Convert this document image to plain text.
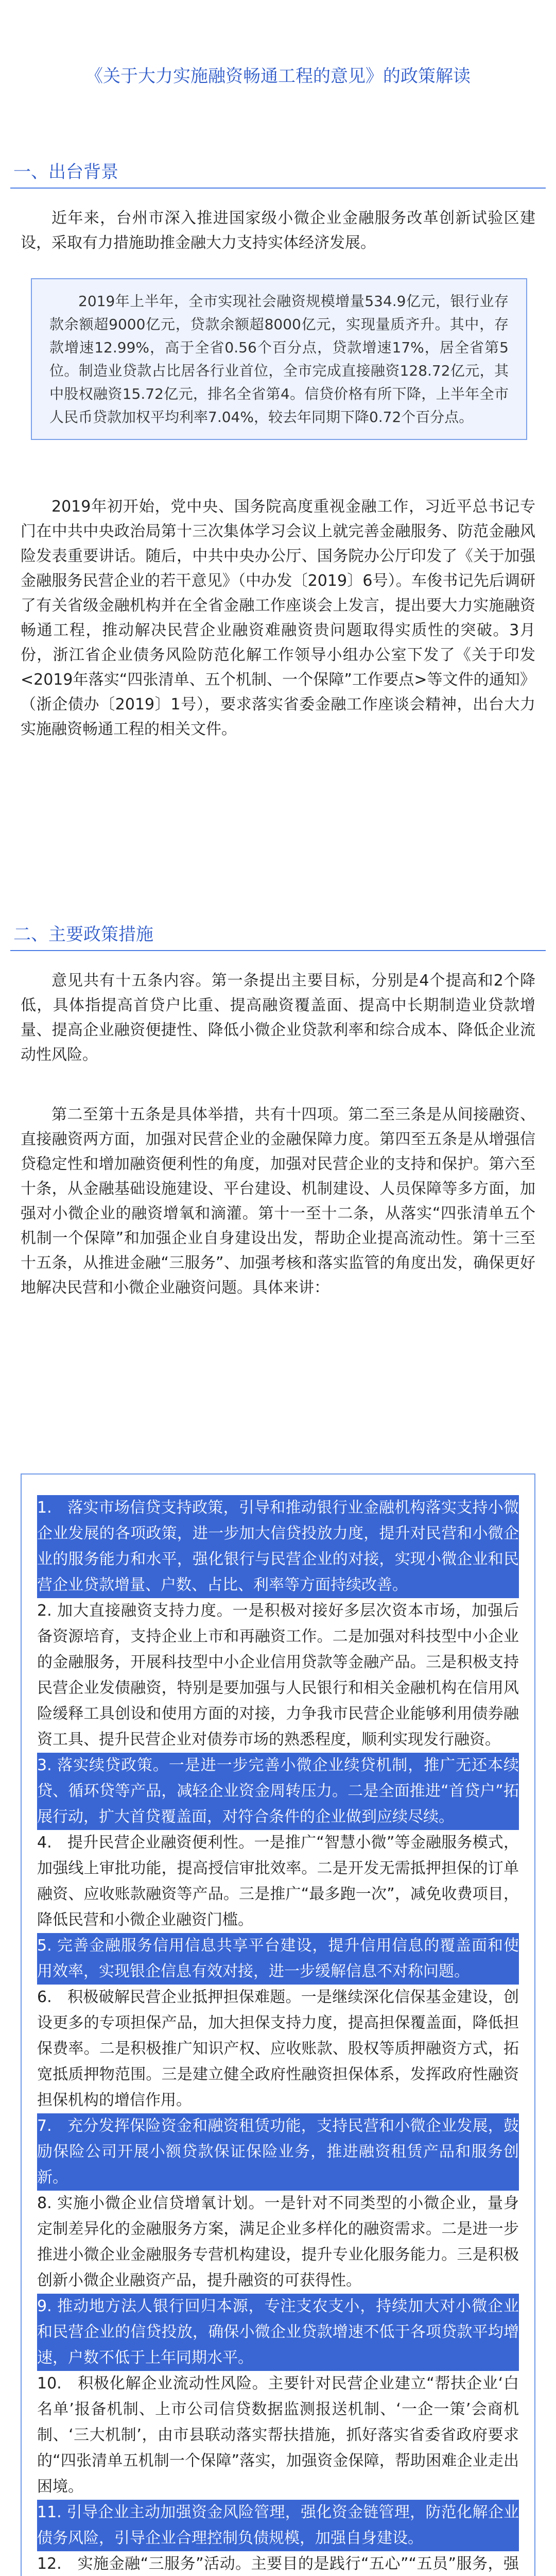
《关于大力实施融资畅通工程的意见》的政策解读
一、出台背景

近年来，台州市深入推进国家级小微企业金融服务改革创新试验区建设，采取有力措施助推金融大力支持实体经济发展。

2019年上半年，全市实现社会融资规模增量534.9亿元，银行业存款余额超9000亿元，贷款余额超8000亿元，实现量质齐升。其中，存款增速12.99%，高于全省0.56个百分点，贷款增速17%，居全省第5位。制造业贷款占比居各行业首位，全市完成直接融资128.72亿元，其中股权融资15.72亿元，排名全省第4。信贷价格有所下降，上半年全市人民币贷款加权平均利率7.04%，较去年同期下降0.72个百分点。

2019年初开始，党中央、国务院高度重视金融工作，习近平总书记专门在中共中央政治局第十三次集体学习会议上就完善金融服务、防范金融风险发表重要讲话。随后，中共中央办公厅、国务院办公厅印发了《关于加强金融服务民营企业的若干意见》（中办发〔2019〕6号）。车俊书记先后调研了有关省级金融机构并在全省金融工作座谈会上发言，提出要大力实施融资畅通工程，推动解决民营企业融资难融资贵问题取得实质性的突破。3月份，浙江省企业债务风险防范化解工作领导小组办公室下发了《关于印发<2019年落实“四张清单、五个机制、一个保障”工作要点>等文件的通知》（浙企债办〔2019〕1号），要求落实省委金融工作座谈会精神，出台大力实施融资畅通工程的相关文件。

二、主要政策措施

意见共有十五条内容。第一条提出主要目标，分别是4个提高和2个降低，具体指提高首贷户比重、提高融资覆盖面、提高中长期制造业贷款增量、提高企业融资便捷性、降低小微企业贷款利率和综合成本、降低企业流动性风险。

第二至第十五条是具体举措，共有十四项。第二至三条是从间接融资、直接融资两方面，加强对民营企业的金融保障力度。第四至五条是从增强信贷稳定性和增加融资便利性的角度，加强对民营企业的支持和保护。第六至十条，从金融基础设施建设、平台建设、机制建设、人员保障等多方面，加强对小微企业的融资增氧和滴灌。第十一至十二条，从落实“四张清单五个机制一个保障”和加强企业自身建设出发，帮助企业提高流动性。第十三至十五条，从推进金融“三服务”、加强考核和落实监管的角度出发，确保更好地解决民营和小微企业融资问题。具体来讲：

1.　落实市场信贷支持政策，引导和推动银行业金融机构落实支持小微企业发展的各项政策，进一步加大信贷投放力度，提升对民营和小微企业的服务能力和水平，强化银行与民营企业的对接，实现小微企业和民营企业贷款增量、户数、占比、利率等方面持续改善。

2. 加大直接融资支持力度。一是积极对接好多层次资本市场，加强后备资源培育，支持企业上市和再融资工作。二是加强对科技型中小企业的金融服务，开展科技型中小企业信用贷款等金融产品。三是积极支持民营企业发债融资，特别是要加强与人民银行和相关金融机构在信用风险缓释工具创设和使用方面的对接，力争我市民营企业能够利用债券融资工具、提升民营企业对债券市场的熟悉程度，顺利实现发行融资。

3. 落实续贷政策。一是进一步完善小微企业续贷机制，推广无还本续贷、循环贷等产品，减轻企业资金周转压力。二是全面推进“首贷户”拓展行动，扩大首贷覆盖面，对符合条件的企业做到应续尽续。

4.　提升民营企业融资便利性。一是推广“智慧小微”等金融服务模式，加强线上审批功能，提高授信审批效率。二是开发无需抵押担保的订单融资、应收账款融资等产品。三是推广“最多跑一次”，减免收费项目，降低民营和小微企业融资门槛。

5. 完善金融服务信用信息共享平台建设，提升信用信息的覆盖面和使用效率，实现银企信息有效对接，进一步缓解信息不对称问题。

6.　积极破解民营企业抵押担保难题。一是继续深化信保基金建设，创设更多的专项担保产品，加大担保支持力度，提高担保覆盖面，降低担保费率。二是积极推广知识产权、应收账款、股权等质押融资方式，拓宽抵质押物范围。三是建立健全政府性融资担保体系，发挥政府性融资担保机构的增信作用。

7.　充分发挥保险资金和融资租赁功能，支持民营和小微企业发展，鼓励保险公司开展小额贷款保证保险业务，推进融资租赁产品和服务创新。

8. 实施小微企业信贷增氧计划。一是针对不同类型的小微企业，量身定制差异化的金融服务方案，满足企业多样化的融资需求。二是进一步推进小微企业金融服务专营机构建设，提升专业化服务能力。三是积极创新小微企业融资产品，提升融资的可获得性。

9. 推动地方法人银行回归本源，专注支农支小，持续加大对小微企业和民营企业的信贷投放，确保小微企业贷款增速不低于各项贷款平均增速，户数不低于上年同期水平。

10.　积极化解企业流动性风险。主要针对民营企业建立“帮扶企业‘白名单’报备机制、上市公司信贷数据监测报送机制、‘一企一策’会商机制、‘三大机制’，由市县联动落实帮扶措施，抓好落实省委省政府要求的“四张清单五机制一个保障”落实，加强资金保障，帮助困难企业走出困境。

11. 引导企业主动加强资金风险管理，强化资金链管理，防范化解企业债务风险，引导企业合理控制负债规模，加强自身建设。

12.　实施金融“三服务”活动。主要目的是践行“五心”“五员”服务，强
